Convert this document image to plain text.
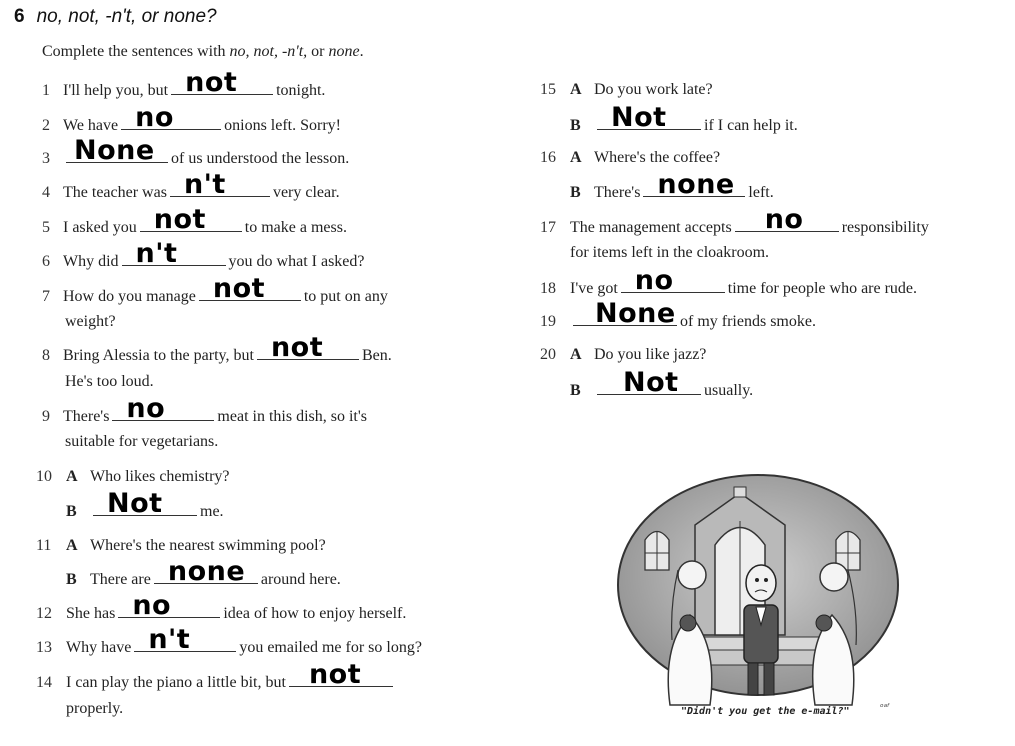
6 no, not, -n't, or none?
Complete the sentences with no, not, -n't, or none.
1 I'll help you, but not tonight.
2 We have no	onions left. Sorry!
3 None of us understood the lesson.
4 The teacher was n't	very clear.
5 I asked you not to make a mess.
6 Why did n't	you do what I asked?
7 How do you manage not to put on any
weight?
8 Bring Alessia to the party, but not Ben.
He's too loud.
9 There's no	meat in this dish, so it's
suitable for vegetarians.
10 A Who likes chemistry?
B Not me.
11 A Where's the nearest swimming pool?
B There are none around here.
12 She has no	idea of how to enjoy herself.
13 Why have n't	you emailed me for so long?
14 I can play the piano a little bit, but not
properly.
15 A Do you work late?
B Not if I can help it.
16 A Where's the coffee?
B There's none left.
17 The management accepts no responsibility
for items left in the cloakroom.
18 I've got no	time for people who are rude.
19 None of my friends smoke.
20 A Do you like jazz?
B Not usually.
"Didn't you get the e-mail?"	ᵒᵃᶠ
